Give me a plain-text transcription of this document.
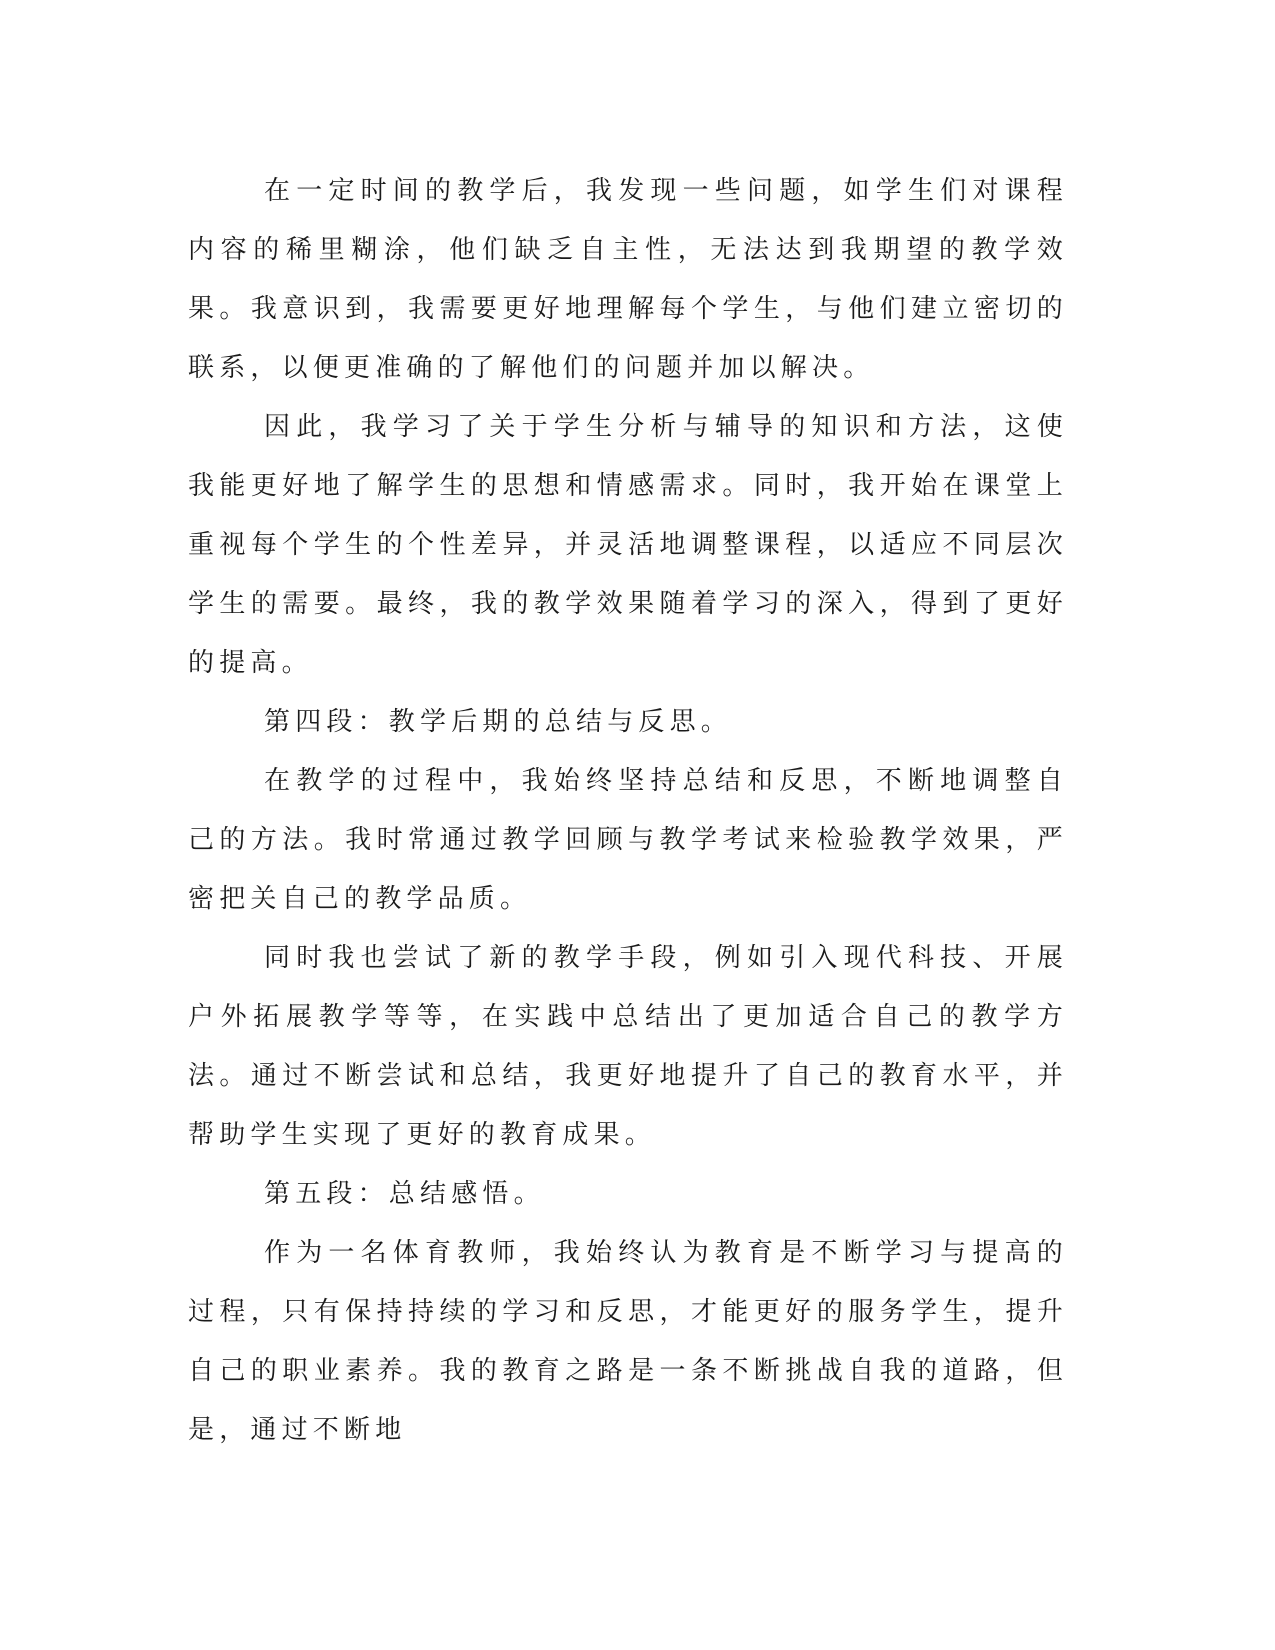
在一定时间的教学后，我发现一些问题，如学生们对课程内容的稀里糊涂，他们缺乏自主性，无法达到我期望的教学效果。我意识到，我需要更好地理解每个学生，与他们建立密切的联系，以便更准确的了解他们的问题并加以解决。

因此，我学习了关于学生分析与辅导的知识和方法，这使我能更好地了解学生的思想和情感需求。同时，我开始在课堂上重视每个学生的个性差异，并灵活地调整课程，以适应不同层次学生的需要。最终，我的教学效果随着学习的深入，得到了更好的提高。

第四段：教学后期的总结与反思。

在教学的过程中，我始终坚持总结和反思，不断地调整自己的方法。我时常通过教学回顾与教学考试来检验教学效果，严密把关自己的教学品质。

同时我也尝试了新的教学手段，例如引入现代科技、开展户外拓展教学等等，在实践中总结出了更加适合自己的教学方法。通过不断尝试和总结，我更好地提升了自己的教育水平，并帮助学生实现了更好的教育成果。

第五段：总结感悟。

作为一名体育教师，我始终认为教育是不断学习与提高的过程，只有保持持续的学习和反思，才能更好的服务学生，提升自己的职业素养。我的教育之路是一条不断挑战自我的道路，但是，通过不断地
